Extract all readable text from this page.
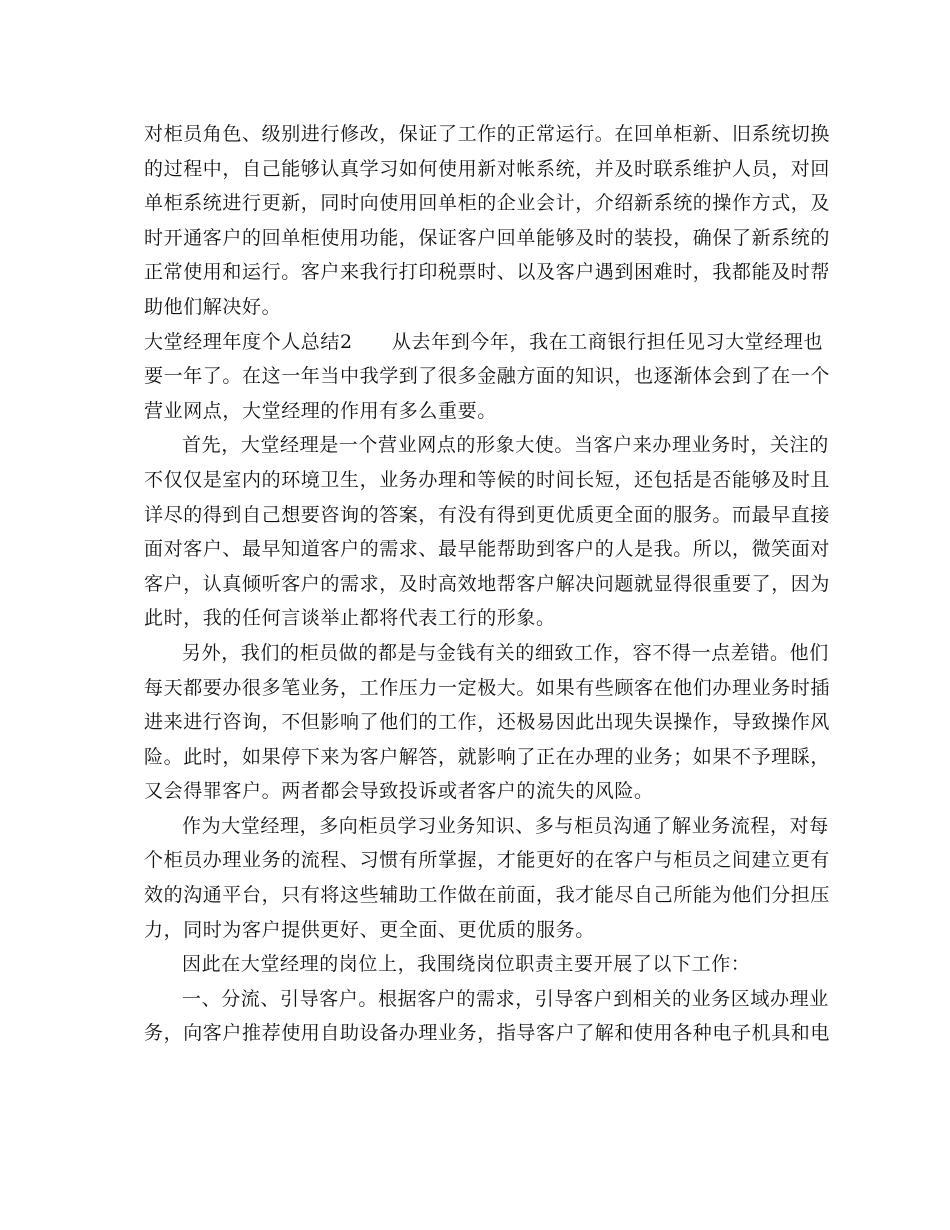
对柜员角色、级别进行修改，保证了工作的正常运行。在回单柜新、旧系统切换
的过程中，自己能够认真学习如何使用新对帐系统，并及时联系维护人员，对回
单柜系统进行更新，同时向使用回单柜的企业会计，介绍新系统的操作方式，及
时开通客户的回单柜使用功能，保证客户回单能够及时的装投，确保了新系统的
正常使用和运行。客户来我行打印税票时、以及客户遇到困难时，我都能及时帮
助他们解决好。
大堂经理年度个人总结2　　从去年到今年，我在工商银行担任见习大堂经理也
要一年了。在这一年当中我学到了很多金融方面的知识，也逐渐体会到了在一个
营业网点，大堂经理的作用有多么重要。
首先，大堂经理是一个营业网点的形象大使。当客户来办理业务时，关注的
不仅仅是室内的环境卫生，业务办理和等候的时间长短，还包括是否能够及时且
详尽的得到自己想要咨询的答案，有没有得到更优质更全面的服务。而最早直接
面对客户、最早知道客户的需求、最早能帮助到客户的人是我。所以，微笑面对
客户，认真倾听客户的需求，及时高效地帮客户解决问题就显得很重要了，因为
此时，我的任何言谈举止都将代表工行的形象。
另外，我们的柜员做的都是与金钱有关的细致工作，容不得一点差错。他们
每天都要办很多笔业务，工作压力一定极大。如果有些顾客在他们办理业务时插
进来进行咨询，不但影响了他们的工作，还极易因此出现失误操作，导致操作风
险。此时，如果停下来为客户解答，就影响了正在办理的业务；如果不予理睬，
又会得罪客户。两者都会导致投诉或者客户的流失的风险。
作为大堂经理，多向柜员学习业务知识、多与柜员沟通了解业务流程，对每
个柜员办理业务的流程、习惯有所掌握，才能更好的在客户与柜员之间建立更有
效的沟通平台，只有将这些辅助工作做在前面，我才能尽自己所能为他们分担压
力，同时为客户提供更好、更全面、更优质的服务。
因此在大堂经理的岗位上，我围绕岗位职责主要开展了以下工作：
一、分流、引导客户。根据客户的需求，引导客户到相关的业务区域办理业
务，向客户推荐使用自助设备办理业务，指导客户了解和使用各种电子机具和电
